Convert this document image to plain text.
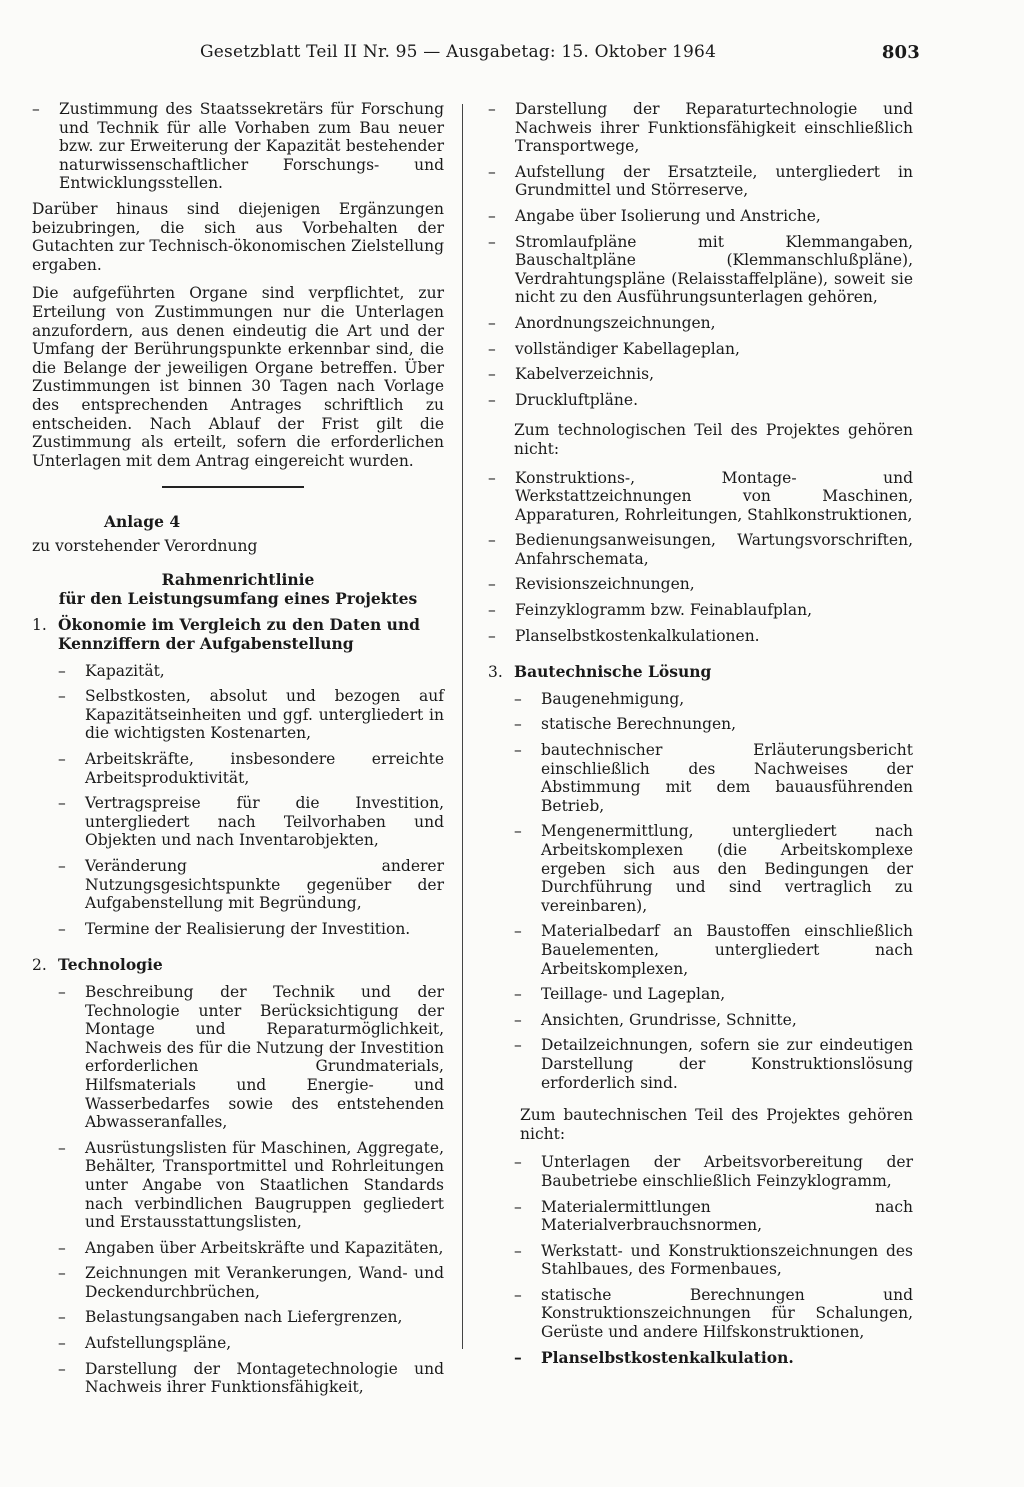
Gesetzblatt Teil II Nr. 95 — Ausgabetag: 15. Oktober 1964	803
–	Zustimmung des Staatssekretärs für Forschung und Technik für alle Vorhaben zum Bau neuer bzw. zur Erweiterung der Kapazität bestehender naturwissenschaftlicher Forschungs- und Entwicklungsstellen.

Darüber hinaus sind diejenigen Ergänzungen beizubringen, die sich aus Vorbehalten der Gutachten zur Technisch-ökonomischen Zielstellung ergaben.

Die aufgeführten Organe sind verpflichtet, zur Erteilung von Zustimmungen nur die Unterlagen anzufordern, aus denen eindeutig die Art und der Umfang der Berührungspunkte erkennbar sind, die die Belange der jeweiligen Organe betreffen. Über Zustimmungen ist binnen 30 Tagen nach Vorlage des entsprechenden Antrages schriftlich zu entscheiden. Nach Ablauf der Frist gilt die Zustimmung als erteilt, sofern die erforderlichen Unterlagen mit dem Antrag eingereicht wurden.

Anlage 4
zu vorstehender Verordnung
Rahmenrichtlinie
für den Leistungsumfang eines Projektes
1. Ökonomie im Vergleich zu den Daten und Kennziffern der Aufgabenstellung
–	Kapazität,
–	Selbstkosten, absolut und bezogen auf Kapazitätseinheiten und ggf. untergliedert in die wichtigsten Kostenarten,
–	Arbeitskräfte, insbesondere erreichte Arbeitsproduktivität,
–	Vertragspreise für die Investition, untergliedert nach Teilvorhaben und Objekten und nach Inventarobjekten,
–	Veränderung anderer Nutzungsgesichtspunkte gegenüber der Aufgabenstellung mit Begründung,
–	Termine der Realisierung der Investition.
2. Technologie
–	Beschreibung der Technik und der Technologie unter Berücksichtigung der Montage und Reparaturmöglichkeit, Nachweis des für die Nutzung der Investition erforderlichen Grundmaterials, Hilfsmaterials und Energie- und Wasserbedarfes sowie des entstehenden Abwasseranfalles,
–	Ausrüstungslisten für Maschinen, Aggregate, Behälter, Transportmittel und Rohrleitungen unter Angabe von Staatlichen Standards nach verbindlichen Baugruppen gegliedert und Erstausstattungslisten,
–	Angaben über Arbeitskräfte und Kapazitäten,
–	Zeichnungen mit Verankerungen, Wand- und Deckendurchbrüchen,
–	Belastungsangaben nach Liefergrenzen,
–	Aufstellungspläne,
–	Darstellung der Montagetechnologie und Nachweis ihrer Funktionsfähigkeit,
–	Darstellung der Reparaturtechnologie und Nachweis ihrer Funktionsfähigkeit einschließlich Transportwege,
–	Aufstellung der Ersatzteile, untergliedert in Grundmittel und Störreserve,
–	Angabe über Isolierung und Anstriche,
–	Stromlaufpläne mit Klemmangaben, Bauschaltpläne (Klemmanschlußpläne), Verdrahtungspläne (Relaisstaffelpläne), soweit sie nicht zu den Ausführungsunterlagen gehören,
–	Anordnungszeichnungen,
–	vollständiger Kabellageplan,
–	Kabelverzeichnis,
–	Druckluftpläne.

Zum technologischen Teil des Projektes gehören nicht:

–	Konstruktions-, Montage- und Werkstattzeichnungen von Maschinen, Apparaturen, Rohrleitungen, Stahlkonstruktionen,
–	Bedienungsanweisungen, Wartungsvorschriften, Anfahrschemata,
–	Revisionszeichnungen,
–	Feinzyklogramm bzw. Feinablaufplan,
–	Planselbstkostenkalkulationen.
3. Bautechnische Lösung
–	Baugenehmigung,
–	statische Berechnungen,
–	bautechnischer Erläuterungsbericht einschließlich des Nachweises der Abstimmung mit dem bauausführenden Betrieb,
–	Mengenermittlung, untergliedert nach Arbeitskomplexen (die Arbeitskomplexe ergeben sich aus den Bedingungen der Durchführung und sind vertraglich zu vereinbaren),
–	Materialbedarf an Baustoffen einschließlich Bauelementen, untergliedert nach Arbeitskomplexen,
–	Teillage- und Lageplan,
–	Ansichten, Grundrisse, Schnitte,
–	Detailzeichnungen, sofern sie zur eindeutigen Darstellung der Konstruktionslösung erforderlich sind.

Zum bautechnischen Teil des Projektes gehören nicht:

–	Unterlagen der Arbeitsvorbereitung der Baubetriebe einschließlich Feinzyklogramm,
–	Materialermittlungen nach Materialverbrauchsnormen,
–	Werkstatt- und Konstruktionszeichnungen des Stahlbaues, des Formenbaues,
–	statische Berechnungen und Konstruktionszeichnungen für Schalungen, Gerüste und andere Hilfskonstruktionen,
–	Planselbstkostenkalkulation.
